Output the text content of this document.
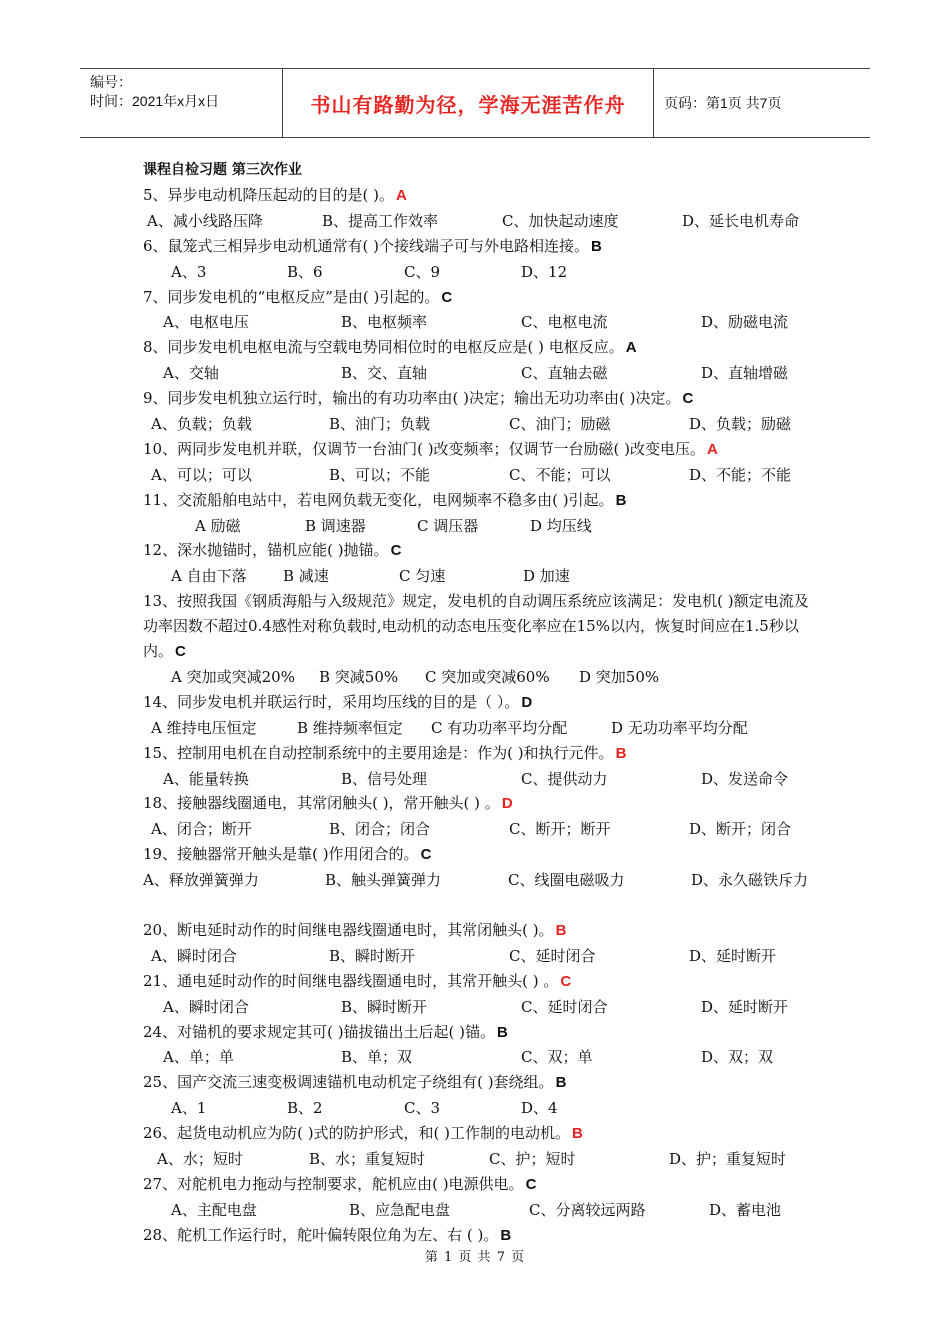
编号：
时间：2021年x月x日	书山有路勤为径，学海无涯苦作舟	页码：第1页 共7页
课程自检习题 第三次作业
5、异步电动机降压起动的目的是( )。 A
A、减小线路压降	B、提高工作效率	C、加快起动速度	D、延长电机寿命
6、鼠笼式三相异步电动机通常有( )个接线端子可与外电路相连接。 B
A、3	B、6	C、9	D、12
7、同步发电机的“电枢反应”是由( )引起的。 C
A、电枢电压	B、电枢频率	C、电枢电流	D、励磁电流
8、同步发电机电枢电流与空载电势同相位时的电枢反应是( ) 电枢反应。 A
A、交轴	B、交、直轴	C、直轴去磁	D、直轴增磁
9、同步发电机独立运行时，输出的有功功率由( )决定；输出无功功率由( )决定。 C
A、负载；负载	B、油门；负载	C、油门；励磁	D、负载；励磁
10、两同步发电机并联，仅调节一台油门( )改变频率；仅调节一台励磁( )改变电压。 A
A、可以；可以	B、可以；不能	C、不能；可以	D、不能；不能
11、交流船舶电站中，若电网负载无变化，电网频率不稳多由( )引起。 B
A 励磁	B 调速器	C 调压器	D 均压线
12、深水抛锚时，锚机应能( )抛锚。 C
A 自由下落 B 减速	C 匀速	D 加速
13、按照我国《钢质海船与入级规范》规定，发电机的自动调压系统应该满足：发电机( )额定电流及功率因数不超过0.4感性对称负载时,电动机的动态电压变化率应在15%以内，恢复时间应在1.5秒以内。 C
A 突加或突减20% B 突减50% C 突加或突减60% D 突加50%
14、同步发电机并联运行时，采用均压线的目的是（ ）。 D
A 维持电压恒定	B 维持频率恒定 C 有功功率平均分配	D 无功功率平均分配
15、控制用电机在自动控制系统中的主要用途是：作为( )和执行元件。 B
A、能量转换	B、信号处理	C、提供动力	D、发送命令
18、接触器线圈通电，其常闭触头( )，常开触头( ) 。 D
A、闭合；断开	B、闭合；闭合	C、断开；断开	D、断开；闭合
19、接触器常开触头是靠( )作用闭合的。 C
A、释放弹簧弹力	B、触头弹簧弹力	C、线圈电磁吸力	D、永久磁铁斥力
20、断电延时动作的时间继电器线圈通电时，其常闭触头( )。 B
A、瞬时闭合	B、瞬时断开	C、延时闭合	D、延时断开
21、通电延时动作的时间继电器线圈通电时，其常开触头( ) 。 C
A、瞬时闭合	B、瞬时断开	C、延时闭合	D、延时断开
24、对锚机的要求规定其可( )锚拔锚出土后起( )锚。 B
A、单；单	B、单；双	C、双；单	D、双；双
25、国产交流三速变极调速锚机电动机定子绕组有( )套绕组。 B
A、1	B、2	C、3	D、4
26、起货电动机应为防( )式的防护形式，和( )工作制的电动机。 B
A、水；短时	B、水；重复短时	C、护；短时	D、护；重复短时
27、对舵机电力拖动与控制要求，舵机应由( )电源供电。 C
A、主配电盘	B、应急配电盘	C、分离较远两路	D、蓄电池
28、舵机工作运行时，舵叶偏转限位角为左、右 ( )。 B
第 1 页 共 7 页
